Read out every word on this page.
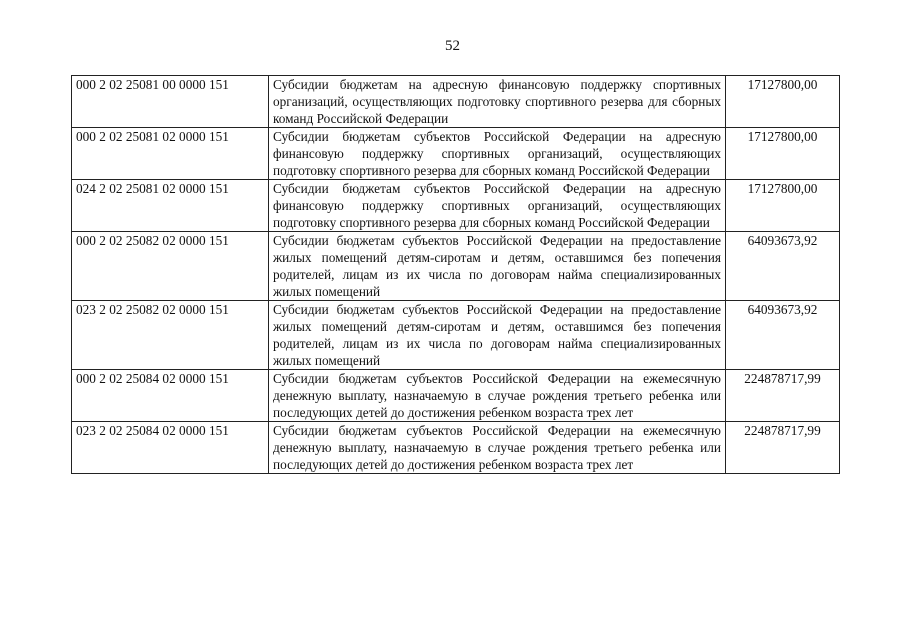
52
000 2 02 25081 00 0000 151	Субсидии бюджетам на адресную финансовую поддержку спортивных организаций, осуществляющих подготовку спортивного резерва для сборных команд Российской Федерации	17127800,00
000 2 02 25081 02 0000 151	Субсидии бюджетам субъектов Российской Федерации на адресную финансовую поддержку спортивных организаций, осуществляющих подготовку спортивного резерва для сборных команд Российской Федерации	17127800,00
024 2 02 25081 02 0000 151	Субсидии бюджетам субъектов Российской Федерации на адресную финансовую поддержку спортивных организаций, осуществляющих подготовку спортивного резерва для сборных команд Российской Федерации	17127800,00
000 2 02 25082 02 0000 151	Субсидии бюджетам субъектов Российской Федерации на предоставление жилых помещений детям-сиротам и детям, оставшимся без попечения родителей, лицам из их числа по договорам найма специализированных жилых помещений	64093673,92
023 2 02 25082 02 0000 151	Субсидии бюджетам субъектов Российской Федерации на предоставление жилых помещений детям-сиротам и детям, оставшимся без попечения родителей, лицам из их числа по договорам найма специализированных жилых помещений	64093673,92
000 2 02 25084 02 0000 151	Субсидии бюджетам субъектов Российской Федерации на ежемесячную денежную выплату, назначаемую в случае рождения третьего ребенка или последующих детей до достижения ребенком возраста трех лет	224878717,99
023 2 02 25084 02 0000 151	Субсидии бюджетам субъектов Российской Федерации на ежемесячную денежную выплату, назначаемую в случае рождения третьего ребенка или последующих детей до достижения ребенком возраста трех лет	224878717,99
